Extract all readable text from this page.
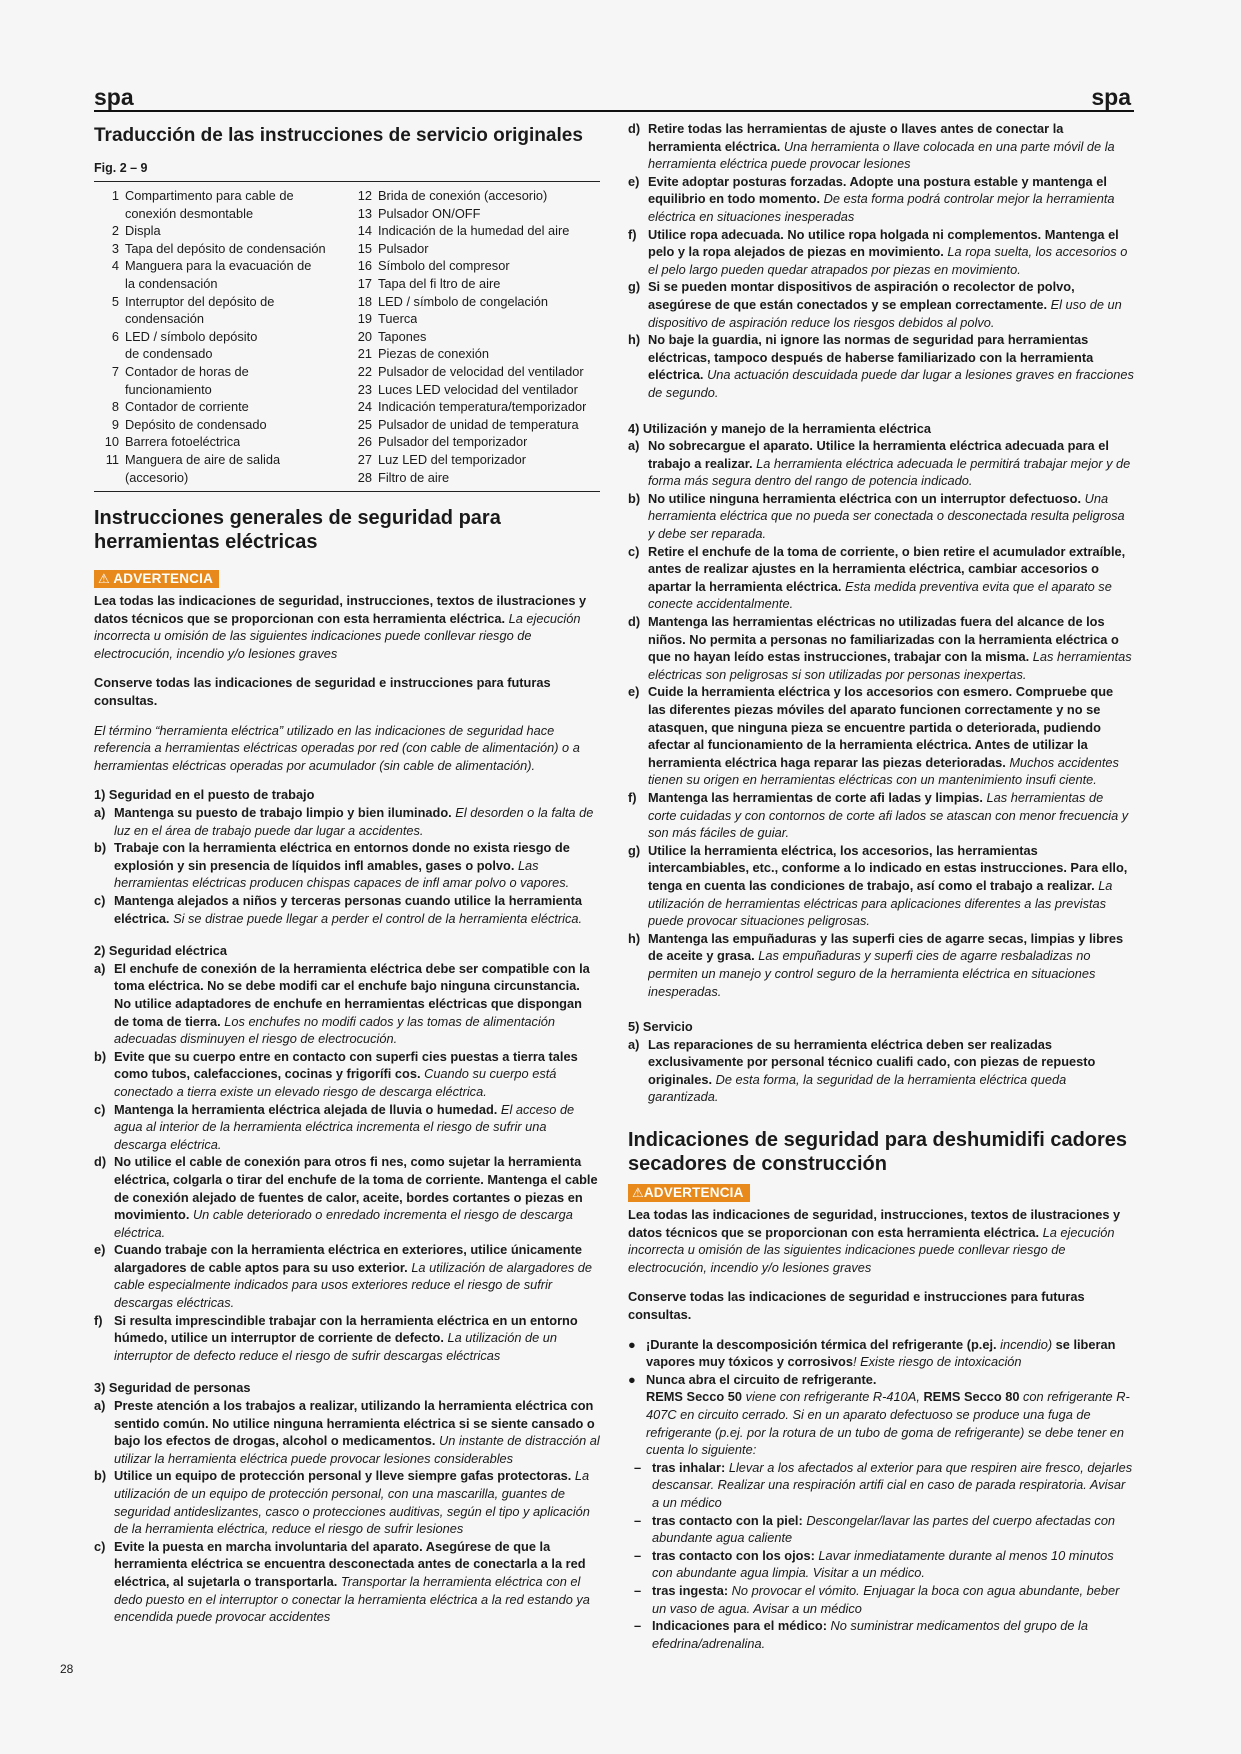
spa	spa
Traducción de las instrucciones de servicio originales
Fig. 2 – 9
1 Compartimento para cable de
conexión desmontable
2 Displa
3 Tapa del depósito de condensación
4 Manguera para la evacuación de
la condensación
5 Interruptor del depósito de
condensación
6 LED / símbolo depósito
de condensado
7 Contador de horas de
funcionamiento
8 Contador de corriente
9 Depósito de condensado
10 Barrera fotoeléctrica
11 Manguera de aire de salida
(accesorio)
12 Brida de conexión (accesorio)
13 Pulsador ON/OFF
14 Indicación de la humedad del aire
15 Pulsador
16 Símbolo del compresor
17 Tapa del fi ltro de aire
18 LED / símbolo de congelación
19 Tuerca
20 Tapones
21 Piezas de conexión
22 Pulsador de velocidad del ventilador
23 Luces LED velocidad del ventilador
24 Indicación temperatura/temporizador
25 Pulsador de unidad de temperatura
26 Pulsador del temporizador
27 Luz LED del temporizador
28 Filtro de aire
Instrucciones generales de seguridad para herramientas eléctricas
⚠ ADVERTENCIA
Lea todas las indicaciones de seguridad, instrucciones, textos de ilustraciones y datos técnicos que se proporcionan con esta herramienta eléctrica. La ejecución incorrecta u omisión de las siguientes indicaciones puede conllevar riesgo de electrocución, incendio y/o lesiones graves
Conserve todas las indicaciones de seguridad e instrucciones para futuras consultas.
El término “herramienta eléctrica” utilizado en las indicaciones de seguridad hace referencia a herramientas eléctricas operadas por red (con cable de alimentación) o a herramientas eléctricas operadas por acumulador (sin cable de alimentación).
1) Seguridad en el puesto de trabajo
a) Mantenga su puesto de trabajo limpio y bien iluminado. El desorden o la falta de luz en el área de trabajo puede dar lugar a accidentes.
b) Trabaje con la herramienta eléctrica en entornos donde no exista riesgo de explosión y sin presencia de líquidos infl amables, gases o polvo. Las herramientas eléctricas producen chispas capaces de infl amar polvo o vapores.
c) Mantenga alejados a niños y terceras personas cuando utilice la herramienta eléctrica. Si se distrae puede llegar a perder el control de la herramienta eléctrica.
2) Seguridad eléctrica
a) El enchufe de conexión de la herramienta eléctrica debe ser compatible con la toma eléctrica. No se debe modifi car el enchufe bajo ninguna circunstancia. No utilice adaptadores de enchufe en herramientas eléctricas que dispongan de toma de tierra. Los enchufes no modifi cados y las tomas de alimentación adecuadas disminuyen el riesgo de electrocución.
b) Evite que su cuerpo entre en contacto con superfi cies puestas a tierra tales como tubos, calefacciones, cocinas y frigorífi cos. Cuando su cuerpo está conectado a tierra existe un elevado riesgo de descarga eléctrica.
c) Mantenga la herramienta eléctrica alejada de lluvia o humedad. El acceso de agua al interior de la herramienta eléctrica incrementa el riesgo de sufrir una descarga eléctrica.
d) No utilice el cable de conexión para otros fi nes, como sujetar la herramienta eléctrica, colgarla o tirar del enchufe de la toma de corriente. Mantenga el cable de conexión alejado de fuentes de calor, aceite, bordes cortantes o piezas en movimiento. Un cable deteriorado o enredado incrementa el riesgo de descarga eléctrica.
e) Cuando trabaje con la herramienta eléctrica en exteriores, utilice únicamente alargadores de cable aptos para su uso exterior. La utilización de alargadores de cable especialmente indicados para usos exteriores reduce el riesgo de sufrir descargas eléctricas.
f) Si resulta imprescindible trabajar con la herramienta eléctrica en un entorno húmedo, utilice un interruptor de corriente de defecto. La utilización de un interruptor de defecto reduce el riesgo de sufrir descargas eléctricas
3) Seguridad de personas
a) Preste atención a los trabajos a realizar, utilizando la herramienta eléctrica con sentido común. No utilice ninguna herramienta eléctrica si se siente cansado o bajo los efectos de drogas, alcohol o medicamentos. Un instante de distracción al utilizar la herramienta eléctrica puede provocar lesiones considerables
b) Utilice un equipo de protección personal y lleve siempre gafas protectoras. La utilización de un equipo de protección personal, con una mascarilla, guantes de seguridad antideslizantes, casco o protecciones auditivas, según el tipo y aplicación de la herramienta eléctrica, reduce el riesgo de sufrir lesiones
c) Evite la puesta en marcha involuntaria del aparato. Asegúrese de que la herramienta eléctrica se encuentra desconectada antes de conectarla a la red eléctrica, al sujetarla o transportarla. Transportar la herramienta eléctrica con el dedo puesto en el interruptor o conectar la herramienta eléctrica a la red estando ya encendida puede provocar accidentes
d) Retire todas las herramientas de ajuste o llaves antes de conectar la herramienta eléctrica. Una herramienta o llave colocada en una parte móvil de la herramienta eléctrica puede provocar lesiones
e) Evite adoptar posturas forzadas. Adopte una postura estable y mantenga el equilibrio en todo momento. De esta forma podrá controlar mejor la herramienta eléctrica en situaciones inesperadas
f) Utilice ropa adecuada. No utilice ropa holgada ni complementos. Mantenga el pelo y la ropa alejados de piezas en movimiento. La ropa suelta, los accesorios o el pelo largo pueden quedar atrapados por piezas en movimiento.
g) Si se pueden montar dispositivos de aspiración o recolector de polvo, asegúrese de que están conectados y se emplean correctamente. El uso de un dispositivo de aspiración reduce los riesgos debidos al polvo.
h) No baje la guardia, ni ignore las normas de seguridad para herramientas eléctricas, tampoco después de haberse familiarizado con la herramienta eléctrica. Una actuación descuidada puede dar lugar a lesiones graves en fracciones de segundo.
4) Utilización y manejo de la herramienta eléctrica
a) No sobrecargue el aparato. Utilice la herramienta eléctrica adecuada para el trabajo a realizar. La herramienta eléctrica adecuada le permitirá trabajar mejor y de forma más segura dentro del rango de potencia indicado.
b) No utilice ninguna herramienta eléctrica con un interruptor defectuoso. Una herramienta eléctrica que no pueda ser conectada o desconectada resulta peligrosa y debe ser reparada.
c) Retire el enchufe de la toma de corriente, o bien retire el acumulador extraíble, antes de realizar ajustes en la herramienta eléctrica, cambiar accesorios o apartar la herramienta eléctrica. Esta medida preventiva evita que el aparato se conecte accidentalmente.
d) Mantenga las herramientas eléctricas no utilizadas fuera del alcance de los niños. No permita a personas no familiarizadas con la herramienta eléctrica o que no hayan leído estas instrucciones, trabajar con la misma. Las herramientas eléctricas son peligrosas si son utilizadas por personas inexpertas.
e) Cuide la herramienta eléctrica y los accesorios con esmero. Compruebe que las diferentes piezas móviles del aparato funcionen correctamente y no se atasquen, que ninguna pieza se encuentre partida o deteriorada, pudiendo afectar al funcionamiento de la herramienta eléctrica. Antes de utilizar la herramienta eléctrica haga reparar las piezas deterioradas. Muchos accidentes tienen su origen en herramientas eléctricas con un mantenimiento insufi ciente.
f) Mantenga las herramientas de corte afi ladas y limpias. Las herramientas de corte cuidadas y con contornos de corte afi lados se atascan con menor frecuencia y son más fáciles de guiar.
g) Utilice la herramienta eléctrica, los accesorios, las herramientas intercambiables, etc., conforme a lo indicado en estas instrucciones. Para ello, tenga en cuenta las condiciones de trabajo, así como el trabajo a realizar. La utilización de herramientas eléctricas para aplicaciones diferentes a las previstas puede provocar situaciones peligrosas.
h) Mantenga las empuñaduras y las superfi cies de agarre secas, limpias y libres de aceite y grasa. Las empuñaduras y superfi cies de agarre resbaladizas no permiten un manejo y control seguro de la herramienta eléctrica en situaciones inesperadas.
5) Servicio
a) Las reparaciones de su herramienta eléctrica deben ser realizadas exclusivamente por personal técnico cualifi cado, con piezas de repuesto originales. De esta forma, la seguridad de la herramienta eléctrica queda garantizada.
Indicaciones de seguridad para deshumidifi cadores secadores de construcción
⚠ADVERTENCIA
Lea todas las indicaciones de seguridad, instrucciones, textos de ilustraciones y datos técnicos que se proporcionan con esta herramienta eléctrica. La ejecución incorrecta u omisión de las siguientes indicaciones puede conllevar riesgo de electrocución, incendio y/o lesiones graves
Conserve todas las indicaciones de seguridad e instrucciones para futuras consultas.
● ¡Durante la descomposición térmica del refrigerante (p.ej. incendio) se liberan vapores muy tóxicos y corrosivos! Existe riesgo de intoxicación
● Nunca abra el circuito de refrigerante.
REMS Secco 50 viene con refrigerante R-410A, REMS Secco 80 con refrigerante R-407C en circuito cerrado. Si en un aparato defectuoso se produce una fuga de refrigerante (p.ej. por la rotura de un tubo de goma de refrigerante) se debe tener en cuenta lo siguiente:
– tras inhalar: Llevar a los afectados al exterior para que respiren aire fresco, dejarles descansar. Realizar una respiración artifi cial en caso de parada respiratoria. Avisar a un médico
– tras contacto con la piel: Descongelar/lavar las partes del cuerpo afectadas con abundante agua caliente
– tras contacto con los ojos: Lavar inmediatamente durante al menos 10 minutos con abundante agua limpia. Visitar a un médico.
– tras ingesta: No provocar el vómito. Enjuagar la boca con agua abundante, beber un vaso de agua. Avisar a un médico
– Indicaciones para el médico: No suministrar medicamentos del grupo de la efedrina/adrenalina.
28
